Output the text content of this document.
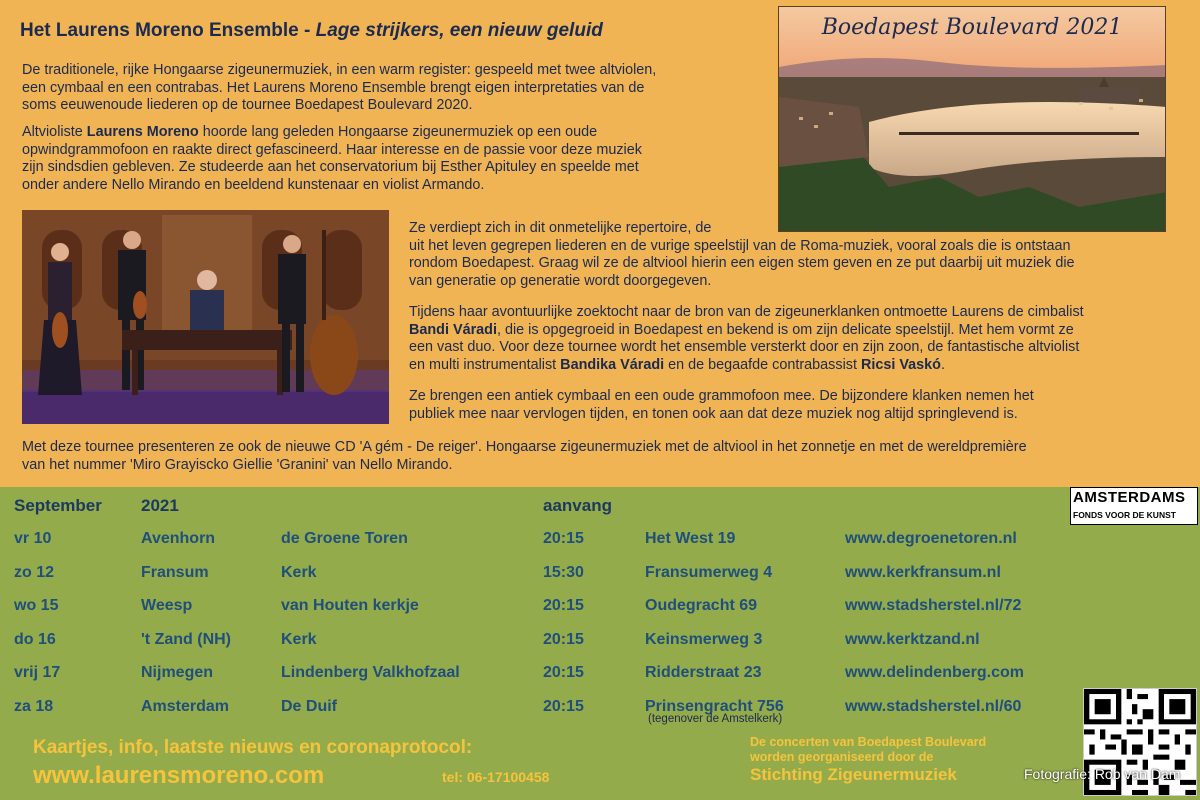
Het Laurens Moreno Ensemble - Lage strijkers, een nieuw geluid
De traditionele, rijke Hongaarse zigeunermuziek, in een warm register: gespeeld met twee altviolen,
een cymbaal en een contrabas. Het Laurens Moreno Ensemble brengt eigen interpretaties van de
soms eeuwenoude liederen op de tournee Boedapest Boulevard 2020.
Altvioliste Laurens Moreno hoorde lang geleden Hongaarse zigeunermuziek op een oude
opwindgrammofoon en raakte direct gefascineerd. Haar interesse en de passie voor deze muziek
zijn sindsdien gebleven. Ze studeerde aan het conservatorium bij Esther Apituley en speelde met
onder andere Nello Mirando en beeldend kunstenaar en violist Armando.
Ze verdiept zich in dit onmetelijke repertoire, de
uit het leven gegrepen liederen en de vurige speelstijl van de Roma-muziek, vooral zoals die is ontstaan
rondom Boedapest. Graag wil ze de altviool hierin een eigen stem geven en ze put daarbij uit muziek die
van generatie op generatie wordt doorgegeven.
Tijdens haar avontuurlijke zoektocht naar de bron van de zigeunerklanken ontmoette Laurens de cimbalist
Bandi Váradi, die is opgegroeid in Boedapest en bekend is om zijn delicate speelstijl. Met hem vormt ze
een vast duo. Voor deze tournee wordt het ensemble versterkt door en zijn zoon, de fantastische altviolist
en multi instrumentalist Bandika Váradi en de begaafde contrabassist Ricsi Vaskó.
Ze brengen een antiek cymbaal en een oude grammofoon mee. De bijzondere klanken nemen het
publiek mee naar vervlogen tijden, en tonen ook aan dat deze muziek nog altijd springlevend is.
Met deze tournee presenteren ze ook de nieuwe CD 'A gém - De reiger'. Hongaarse zigeunermuziek met de altviool in het zonnetje en met de wereldpremière
van het nummer 'Miro Grayiscko Giellie 'Granini' van Nello Mirando.
Boedapest Boulevard 2021
September 2021	aanvang
vr 10	Avenhorn	de Groene Toren	20:15	Het West 19	www.degroenetoren.nl
zo 12	Fransum	Kerk	15:30	Fransumerweg 4	www.kerkfransum.nl
wo 15	Weesp	van Houten kerkje	20:15	Oudegracht 69	www.stadsherstel.nl/72
do 16	't Zand (NH)	Kerk	20:15	Keinsmerweg 3	www.kerktzand.nl
vrij 17	Nijmegen	Lindenberg Valkhofzaal	20:15	Ridderstraat 23	www.delindenberg.com
za 18	Amsterdam	De Duif	20:15	Prinsengracht 756	www.stadsherstel.nl/60
(tegenover de Amstelkerk)
AMSTERDAMS
FONDS VOOR DE KUNST
Kaartjes, info, laatste nieuws en coronaprotocol:
www.laurensmoreno.com	tel: 06-17100458
De concerten van Boedapest Boulevard
worden georganiseerd door de
Stichting Zigeunermuziek	Fotografie: Rob van Dam
